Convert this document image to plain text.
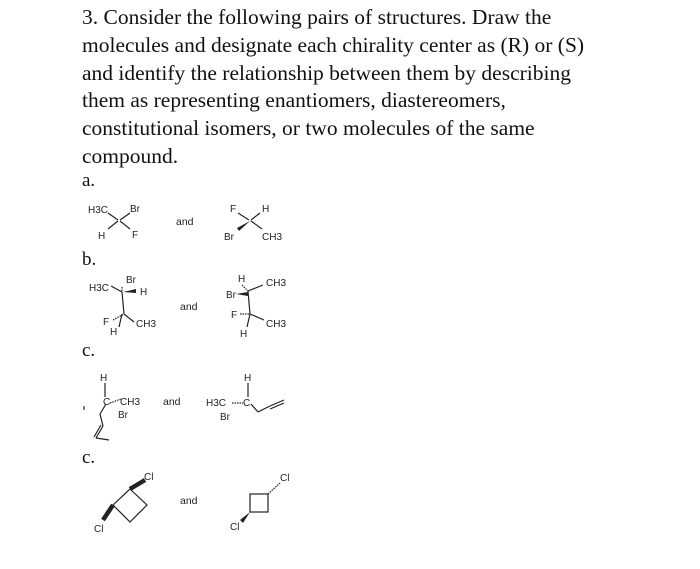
3. Consider the following pairs of structures. Draw the
molecules and designate each chirality center as (R) or (S)
and identify the relationship between them by describing
them as representing enantiomers, diastereomers,
constitutional isomers, or two molecules of the same
compound.

a.
b.
c.
c.
H3C Br
H	F
and
F	H
Br	CH3
Br
H3C	H
F	CH3
H
and
H CH3
Br
F
CH3
H
H
C CH3
Br
and
H
H3C C
Br
Cl
Cl
and
Cl
Cl
